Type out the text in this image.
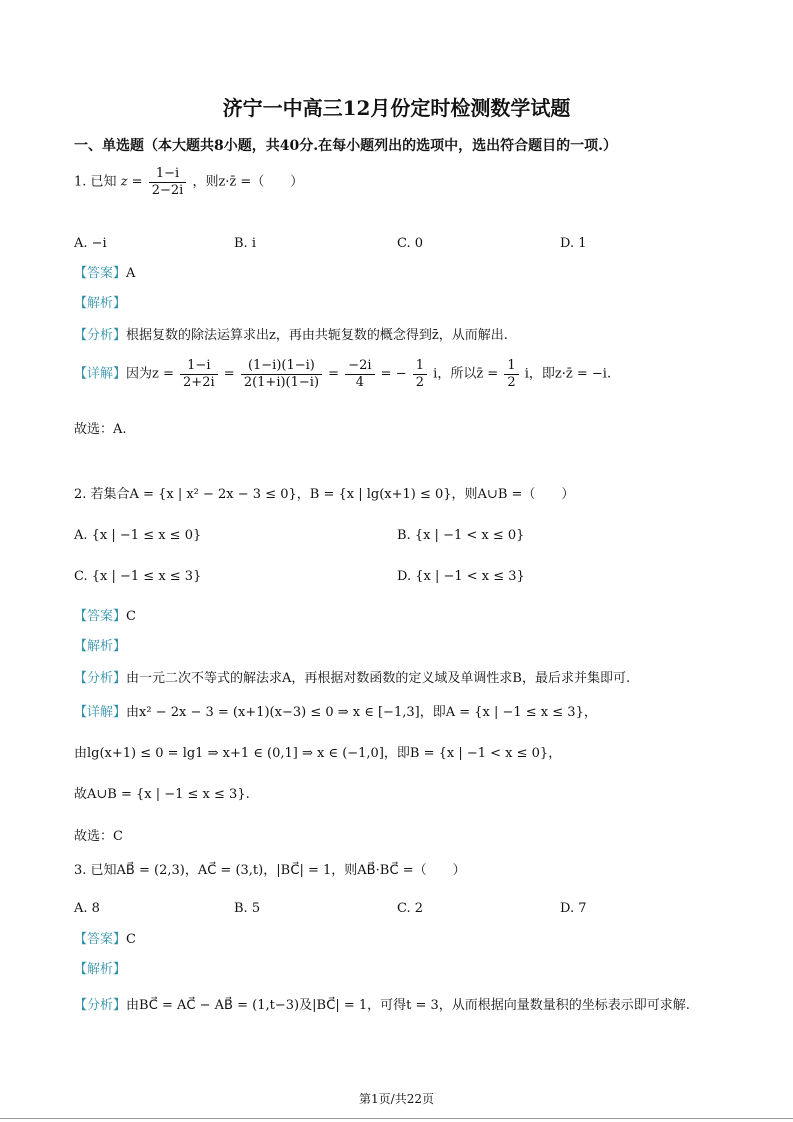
济宁一中高三12月份定时检测数学试题
一、单选题（本大题共8小题，共40分.在每小题列出的选项中，选出符合题目的一项.）
1. 已知 $z = \frac{1-i}{2-2i}$ ，则z·z̄ =（　　）
A. −i	B. i	C. 0	D. 1
【答案】A
【解析】
【分析】根据复数的除法运算求出z，再由共轭复数的概念得到z̄，从而解出.
【详解】因为$z = \frac{1-i}{2+2i} = \frac{(1-i)(1-i)}{2(1+i)(1-i)} = \frac{-2i}{4}$ = − $\frac{1}{2}$ i，所以z̄ = $\frac{1}{2}$ i，即z·z̄ = −i.
故选：A.
2. 若集合A = {x | x² − 2x − 3 ≤ 0}，B = {x | lg(x+1) ≤ 0}，则A∪B =（　　）
A. {x | −1 ≤ x ≤ 0}	B. {x | −1 < x ≤ 0}
C. {x | −1 ≤ x ≤ 3}	D. {x | −1 < x ≤ 3}
【答案】C
【解析】
【分析】由一元二次不等式的解法求A，再根据对数函数的定义域及单调性求B，最后求并集即可.
【详解】由x² − 2x − 3 = (x+1)(x−3) ≤ 0 ⇒ x ∈ [−1,3]，即A = {x | −1 ≤ x ≤ 3}，
由lg(x+1) ≤ 0 = lg1 ⇒ x+1 ∈ (0,1] ⇒ x ∈ (−1,0]，即B = {x | −1 < x ≤ 0}，
故A∪B = {x | −1 ≤ x ≤ 3}.
故选：C
3. 已知AB⃗ = (2,3)，AC⃗ = (3,t)，|BC⃗| = 1，则AB⃗·BC⃗ =（　　）
A. 8	B. 5	C. 2	D. 7
【答案】C
【解析】
【分析】由BC⃗ = AC⃗ − AB⃗ = (1,t−3)及|BC⃗| = 1，可得t = 3，从而根据向量数量积的坐标表示即可求解.
第1页/共22页
